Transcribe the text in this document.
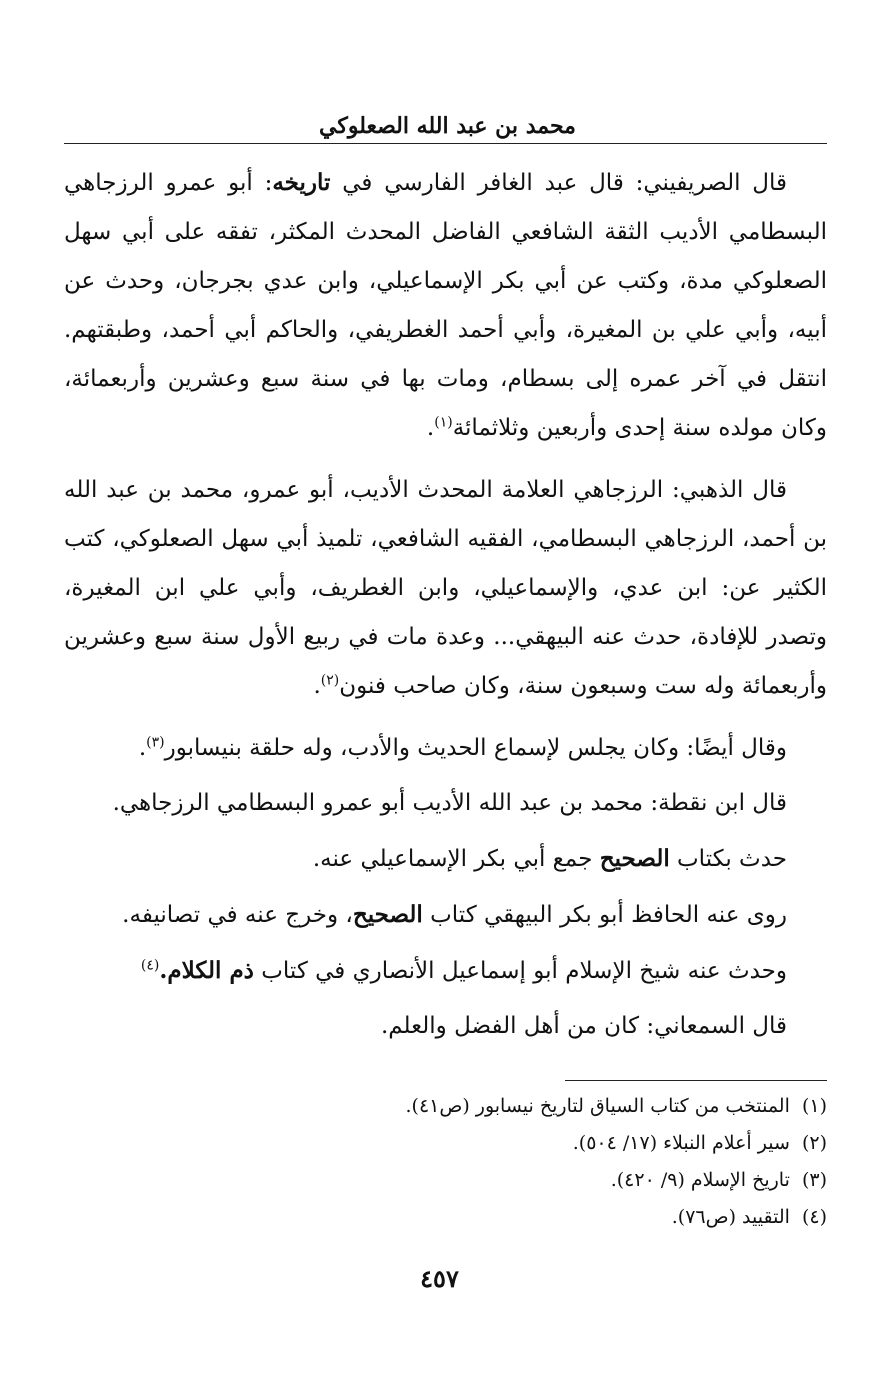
محمد بن عبد الله الصعلوكي

قال الصريفيني: قال عبد الغافر الفارسي في تاريخه: أبو عمرو الرزجاهي البسطامي الأديب الثقة الشافعي الفاضل المحدث المكثر، تفقه على أبي سهل الصعلوكي مدة، وكتب عن أبي بكر الإسماعيلي، وابن عدي بجرجان، وحدث عن أبيه، وأبي علي بن المغيرة، وأبي أحمد الغطريفي، والحاكم أبي أحمد، وطبقتهم. انتقل في آخر عمره إلى بسطام، ومات بها في سنة سبع وعشرين وأربعمائة، وكان مولده سنة إحدى وأربعين وثلاثمائة$^{(١)}$.

قال الذهبي: الرزجاهي العلامة المحدث الأديب، أبو عمرو، محمد بن عبد الله بن أحمد، الرزجاهي البسطامي، الفقيه الشافعي، تلميذ أبي سهل الصعلوكي، كتب الكثير عن: ابن عدي، والإسماعيلي، وابن الغطريف، وأبي علي ابن المغيرة، وتصدر للإفادة، حدث عنه البيهقي... وعدة مات في ربيع الأول سنة سبع وعشرين وأربعمائة وله ست وسبعون سنة، وكان صاحب فنون$^{(٢)}$.

وقال أيضًا: وكان يجلس لإسماع الحديث والأدب، وله حلقة بنيسابور$^{(٣)}$.

قال ابن نقطة: محمد بن عبد الله الأديب أبو عمرو البسطامي الرزجاهي.

حدث بكتاب الصحيح جمع أبي بكر الإسماعيلي عنه.

روى عنه الحافظ أبو بكر البيهقي كتاب الصحيح، وخرج عنه في تصانيفه.

وحدث عنه شيخ الإسلام أبو إسماعيل الأنصاري في كتاب ذم الكلام.$^{(٤)}$

قال السمعاني: كان من أهل الفضل والعلم.

(١) المنتخب من كتاب السياق لتاريخ نيسابور (ص٤١).

(٢) سير أعلام النبلاء (١٧/ ٥٠٤).

(٣) تاريخ الإسلام (٩/ ٤٢٠).

(٤) التقييد (ص٧٦).

٤٥٧
